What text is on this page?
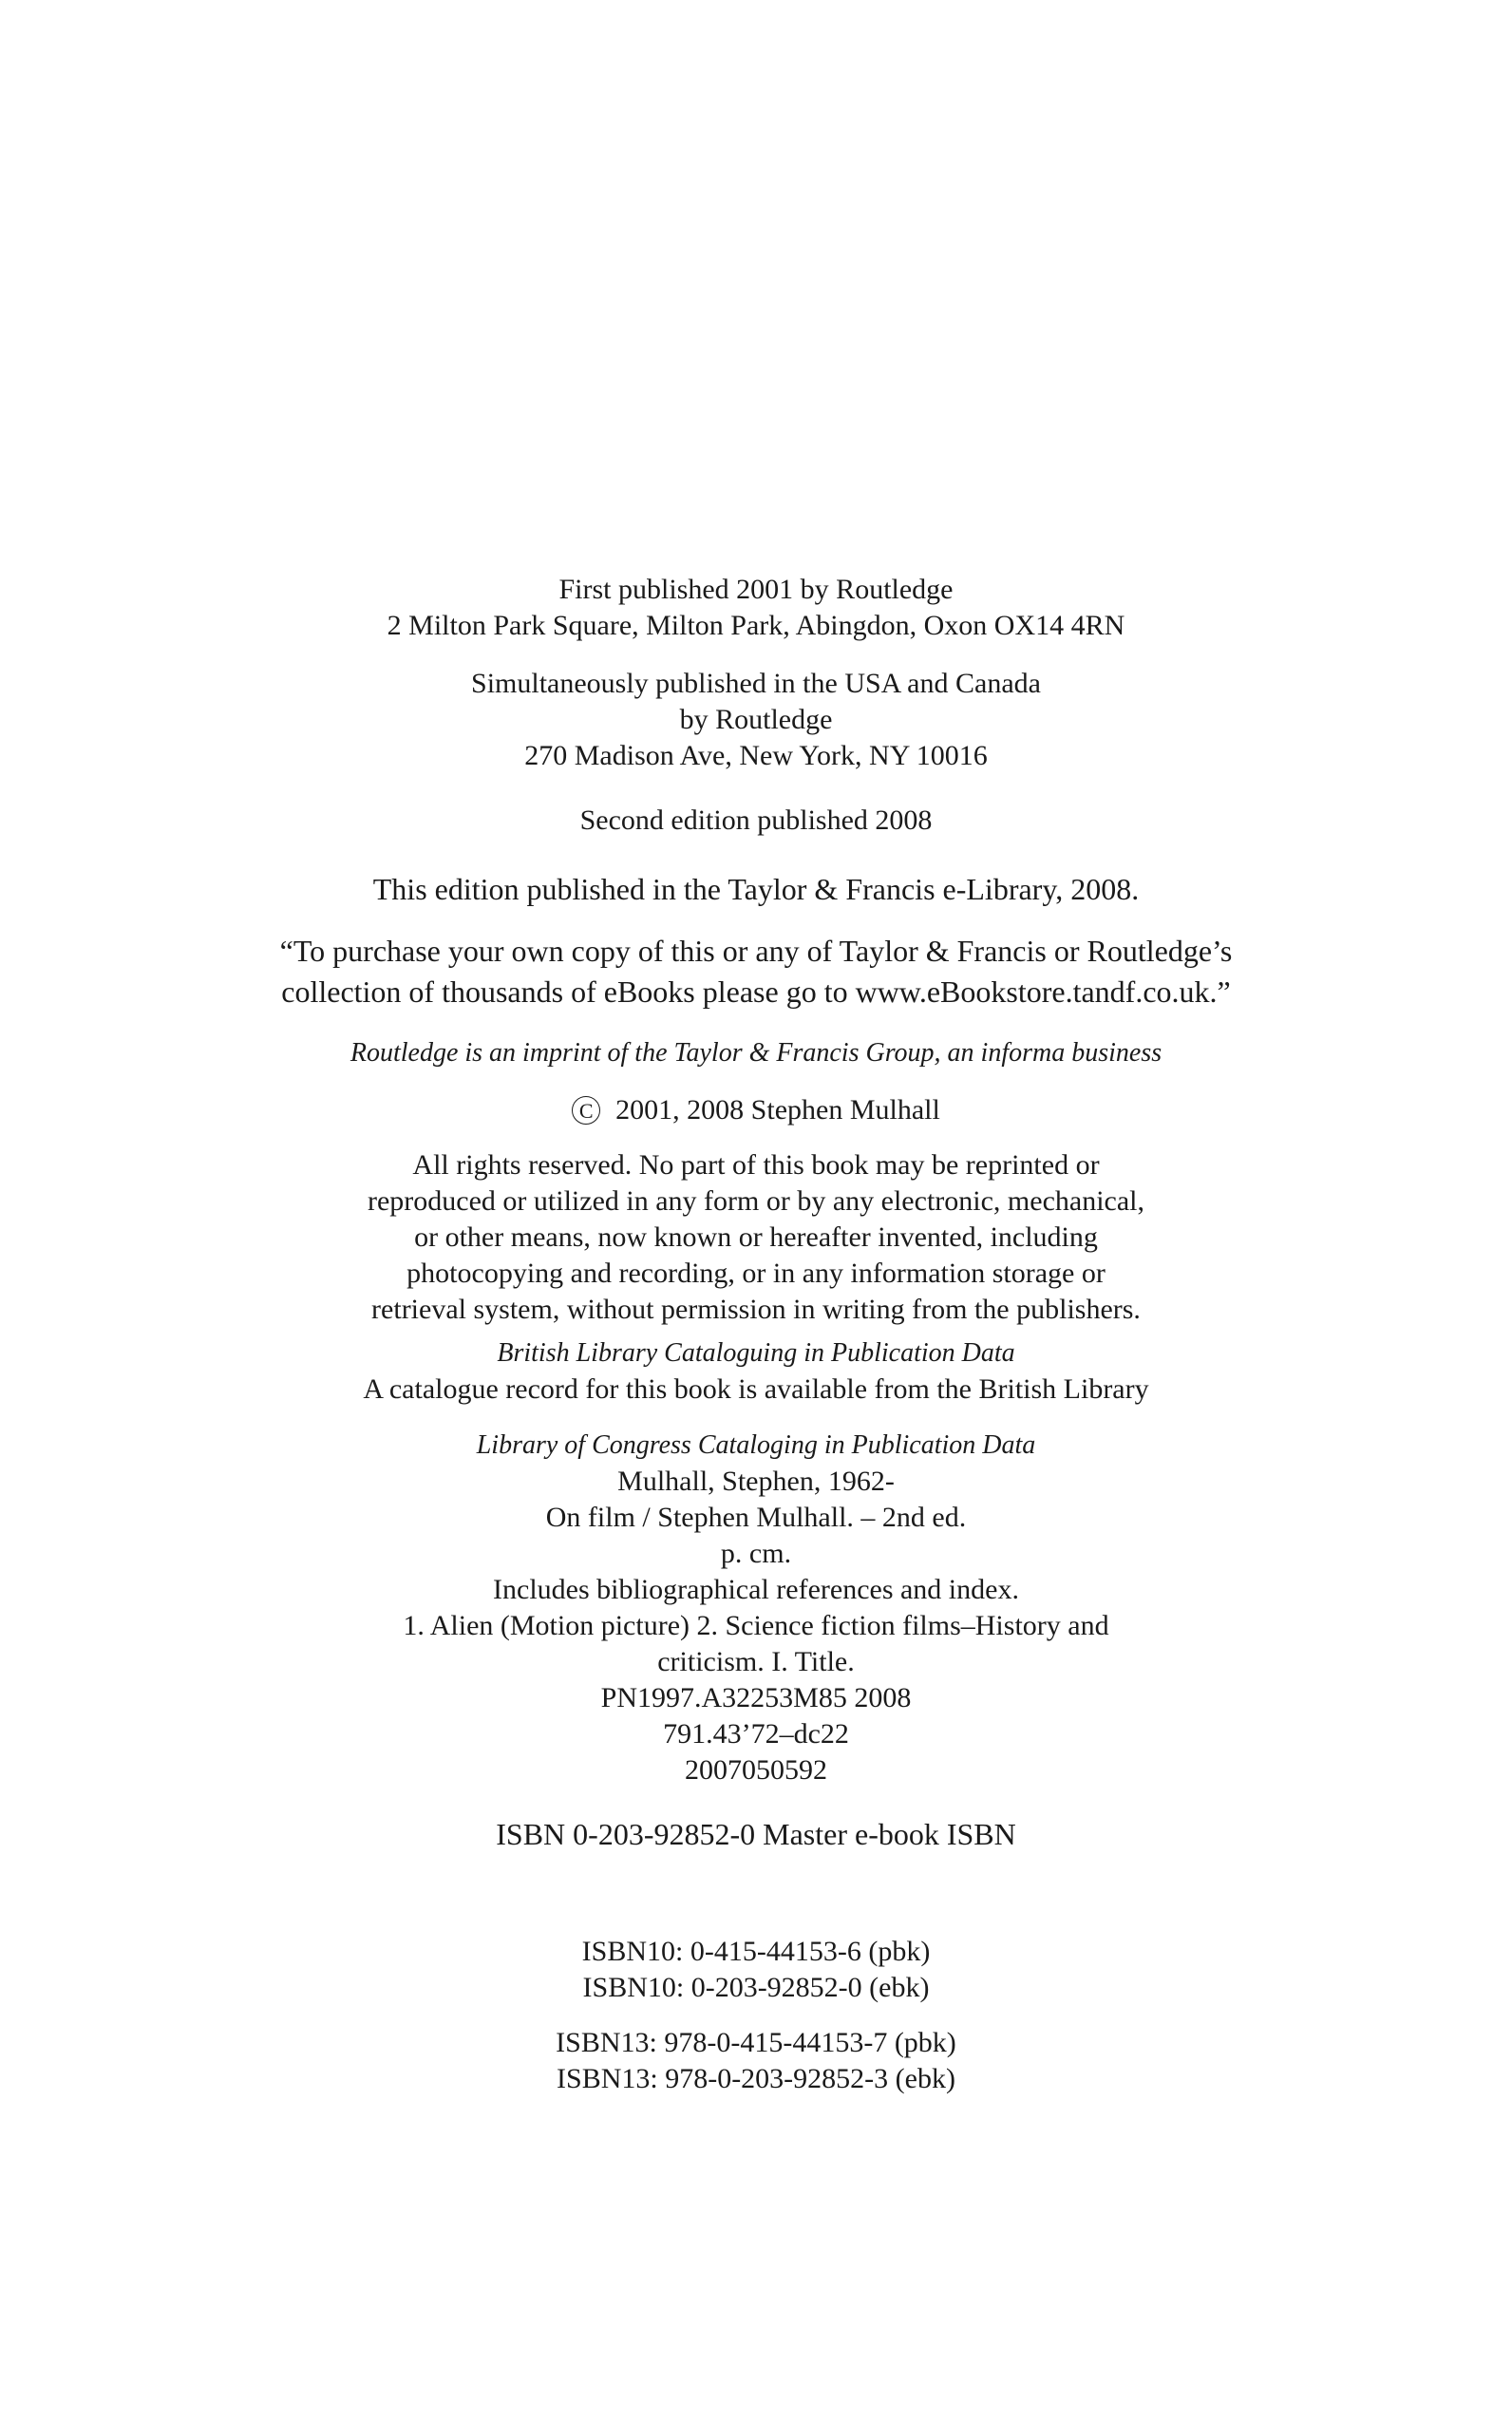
First published 2001 by Routledge
2 Milton Park Square, Milton Park, Abingdon, Oxon OX14 4RN
Simultaneously published in the USA and Canada
by Routledge
270 Madison Ave, New York, NY 10016
Second edition published 2008
This edition published in the Taylor & Francis e-Library, 2008.
“To purchase your own copy of this or any of Taylor & Francis or Routledge’s
collection of thousands of eBooks please go to www.eBookstore.tandf.co.uk.”
Routledge is an imprint of the Taylor & Francis Group, an informa business
C 2001, 2008 Stephen Mulhall
All rights reserved. No part of this book may be reprinted or
reproduced or utilized in any form or by any electronic, mechanical,
or other means, now known or hereafter invented, including
photocopying and recording, or in any information storage or
retrieval system, without permission in writing from the publishers.
British Library Cataloguing in Publication Data
A catalogue record for this book is available from the British Library
Library of Congress Cataloging in Publication Data
Mulhall, Stephen, 1962-
On film / Stephen Mulhall. – 2nd ed.
p. cm.
Includes bibliographical references and index.
1. Alien (Motion picture) 2. Science fiction films–History and
criticism. I. Title.
PN1997.A32253M85 2008
791.43’72–dc22
2007050592
ISBN 0-203-92852-0 Master e-book ISBN
ISBN10: 0-415-44153-6 (pbk)
ISBN10: 0-203-92852-0 (ebk)
ISBN13: 978-0-415-44153-7 (pbk)
ISBN13: 978-0-203-92852-3 (ebk)
